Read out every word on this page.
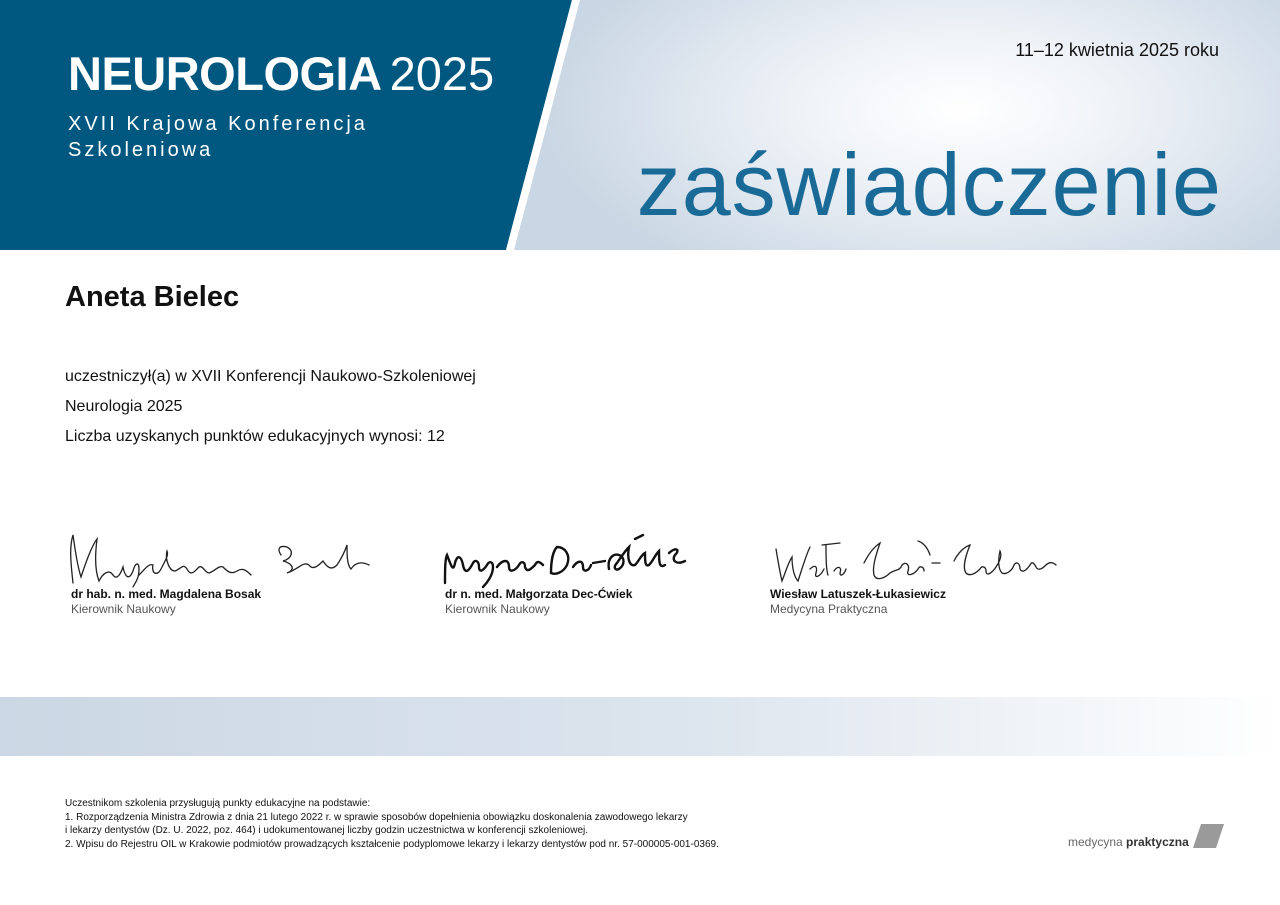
NEUROLOGIA 2025
XVII Krajowa Konferencja
Szkoleniowa
11–12 kwietnia 2025 roku
zaświadczenie
Aneta Bielec
uczestniczył(a) w XVII Konferencji Naukowo-Szkoleniowej
Neurologia 2025
Liczba uzyskanych punktów edukacyjnych wynosi: 12
dr hab. n. med. Magdalena Bosak
Kierownik Naukowy
dr n. med. Małgorzata Dec-Ćwiek
Kierownik Naukowy
Wiesław Latuszek-Łukasiewicz
Medycyna Praktyczna
Uczestnikom szkolenia przysługują punkty edukacyjne na podstawie:
1. Rozporządzenia Ministra Zdrowia z dnia 21 lutego 2022 r. w sprawie sposobów dopełnienia obowiązku doskonalenia zawodowego lekarzy
i lekarzy dentystów (Dz. U. 2022, poz. 464) i udokumentowanej liczby godzin uczestnictwa w konferencji szkoleniowej.
2. Wpisu do Rejestru OIL w Krakowie podmiotów prowadzących kształcenie podyplomowe lekarzy i lekarzy dentystów pod nr. 57-000005-001-0369.	medycyna praktyczna
